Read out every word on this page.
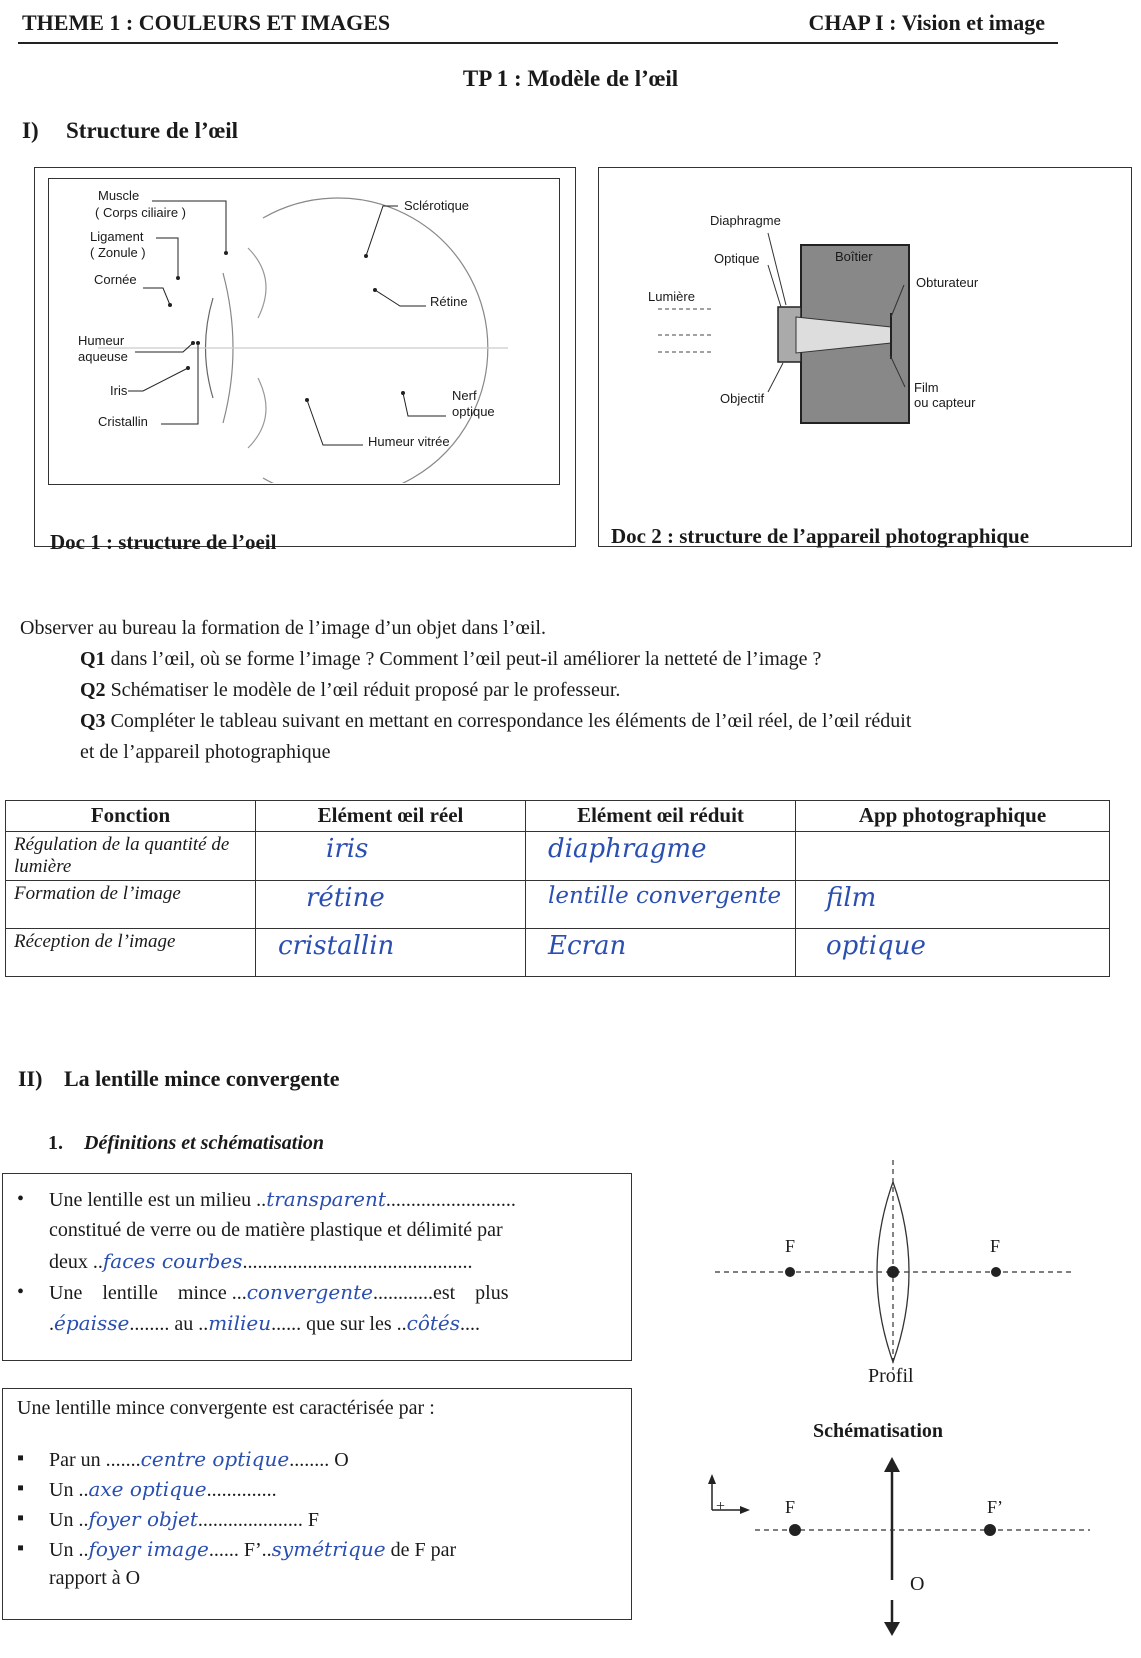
THEME 1 : COULEURS ET IMAGES	CHAP I : Vision et image
TP 1 : Modèle de l’œil
I) Structure de l’œil
Muscle
( Corps ciliaire )
Ligament
( Zonule )
Cornée
Humeur
aqueuse
Iris
Cristallin
Sclérotique
Rétine
Nerf
optique
Humeur vitrée
Doc 1 : structure de l’oeil
Diaphragme
Optique	Boîtier
Obturateur
Lumière
Film
ou capteur
Objectif
Doc 2 : structure de l’appareil photographique
Observer au bureau la formation de l’image d’un objet dans l’œil.
Q1 dans l’œil, où se forme l’image ? Comment l’œil peut-il améliorer la netteté de l’image ?
Q2 Schématiser le modèle de l’œil réduit proposé par le professeur.
Q3 Compléter le tableau suivant en mettant en correspondance les éléments de l’œil réel, de l’œil réduit
et de l’appareil photographique
Fonction	Elément œil réel	Elément œil réduit	App photographique
Régulation de la quantité de lumière	iris	diaphragme	
Formation de l’image	rétine	lentille convergente	film
Réception de l’image	cristallin	Ecran	optique
II) La lentille mince convergente
1. Définitions et schématisation
• Une lentille est un milieu ..transparent..........................
constitué de verre ou de matière plastique et délimité par
deux ..faces courbes..............................................
• Une    lentille    mince ...convergente............est    plus
.épaisse........ au ..milieu...... que sur les ..côtés....
Une lentille mince convergente est caractérisée par :
▪ Par un .......centre optique........ O
▪ Un ..axe optique..............
▪ Un ..foyer objet..................... F
▪ Un ..foyer image...... F’..symétrique de F par
rapport à O
F	F
Profil
Schématisation
+	F	F’
O
